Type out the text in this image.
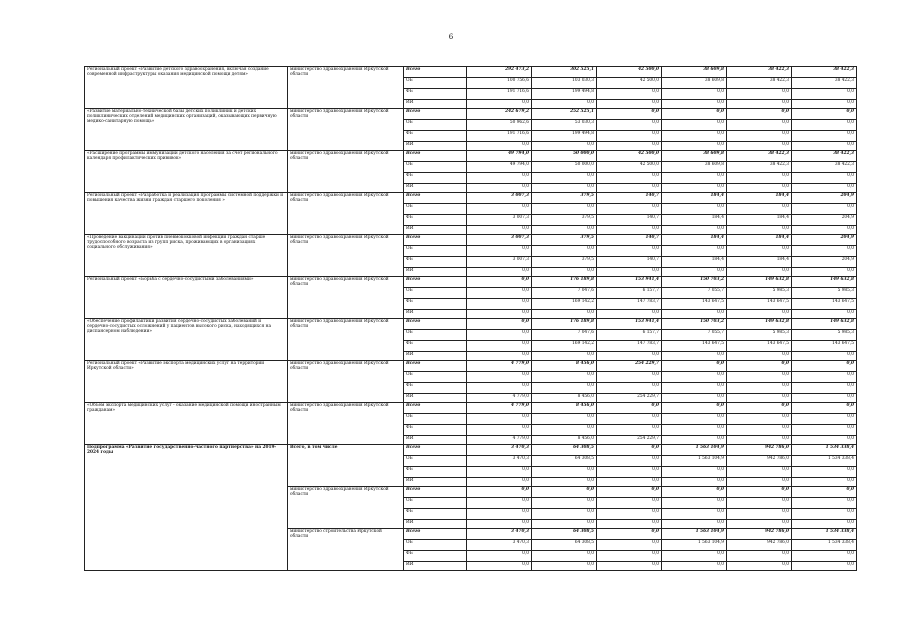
6
Региональный проект «Развитие детского здравоохранения, включая создание современной инфраструктуры оказания медицинской помощи детям»	министерство здравоохранения Иркутской области	Всего	292 473,2	302 525,1	42 500,0	38 609,8	38 422,3	38 422,3
		ОБ	100 756,6	103 030,3	42 500,0	38 609,8	38 422,3	38 422,3
		ФБ	191 716,6	199 494,8	0,0	0,0	0,0	0,0
		ИИ	0,0	0,0	0,0	0,0	0,0	0,0
«Развитие материально-технической базы детских поликлиник и детских поликлинических отделений медицинских организаций, оказывающих первичную медико-санитарную помощь»	министерство здравоохранения Иркутской области	Всего	242 679,2	252 525,1	0,0	0,0	0,0	0,0
		ОБ	50 962,6	53 030,3	0,0	0,0	0,0	0,0
		ФБ	191 716,6	199 494,8	0,0	0,0	0,0	0,0
		ИИ	0,0	0,0	0,0	0,0	0,0	0,0
«Расширение программы иммунизации детского населения за счет регионального календаря профилактических прививок»	министерство здравоохранения Иркутской области	Всего	49 794,0	50 000,0	42 500,0	38 609,8	38 422,3	38 422,3
		ОБ	49 794,0	50 000,0	42 500,0	38 609,8	38 422,3	38 422,3
		ФБ	0,0	0,0	0,0	0,0	0,0	0,0
		ИИ	0,0	0,0	0,0	0,0	0,0	0,0
Региональный проект «Разработка и реализация программы системной поддержки и повышения качества жизни граждан старшего поколения »	министерство здравоохранения Иркутской области	Всего	3 007,3	379,5	140,7	184,4	184,4	204,9
		ОБ	0,0	0,0	0,0	0,0	0,0	0,0
		ФБ	3 007,3	379,5	140,7	184,4	184,4	204,9
		ИИ	0,0	0,0	0,0	0,0	0,0	0,0
«Проведение вакцинации против пневмококковой инфекции граждан старше трудоспособного возраста из групп риска, проживающих в организациях социального обслуживания»	министерство здравоохранения Иркутской области	Всего	3 007,3	379,5	140,7	184,4	184,4	204,9
		ОБ	0,0	0,0	0,0	0,0	0,0	0,0
		ФБ	3 007,3	379,5	140,7	184,4	184,4	204,9
		ИИ	0,0	0,0	0,0	0,0	0,0	0,0
Региональный проект «Борьба с сердечно-сосудистыми заболеваниями»	министерство здравоохранения Иркутской области	Всего	0,0	176 189,8	153 941,4	150 703,2	149 632,8	149 632,8
		ОБ	0,0	7 047,6	6 157,7	7 055,7	5 985,3	5 985,3
		ФБ	0,0	169 142,2	147 783,7	143 647,5	143 647,5	143 647,5
		ИИ	0,0	0,0	0,0	0,0	0,0	0,0
«Обеспечение профилактики развития сердечно-сосудистых заболеваний и сердечно-сосудистых осложнений у пациентов высокого риска, находящихся на диспансерном наблюдении»	министерство здравоохранения Иркутской области	Всего	0,0	176 189,8	153 941,4	150 703,2	149 632,8	149 632,8
		ОБ	0,0	7 047,6	6 157,7	7 055,7	5 985,3	5 985,3
		ФБ	0,0	169 142,2	147 783,7	143 647,5	143 647,5	143 647,5
		ИИ	0,0	0,0	0,0	0,0	0,0	0,0
Региональный проект «Развитие экспорта медицинских услуг на территории Иркутской области»	министерство здравоохранения Иркутской области	Всего	4 779,0	8 456,0	254 229,7	0,0	0,0	0,0
		ОБ	0,0	0,0	0,0	0,0	0,0	0,0
		ФБ	0,0	0,0	0,0	0,0	0,0	0,0
		ИИ	4 779,0	8 456,0	254 229,7	0,0	0,0	0,0
«Объем экспорта медицинских услуг - оказание медицинской помощи иностранным гражданам»	министерство здравоохранения Иркутской области	Всего	4 779,0	8 456,0	0,0	0,0	0,0	0,0
		ОБ	0,0	0,0	0,0	0,0	0,0	0,0
		ФБ	0,0	0,0	0,0	0,0	0,0	0,0
		ИИ	4 779,0	8 456,0	254 229,7	0,0	0,0	0,0
Подпрограмма «Развитие государственно-частного партнерства» на 2019-2024 годы	Всего, в том числе	Всего	3 470,3	64 308,5	0,0	1 563 104,9	942 786,0	1 534 338,4
		ОБ	3 470,3	64 308,5	0,0	1 563 104,9	942 786,0	1 534 338,4
		ФБ	0,0	0,0	0,0	0,0	0,0	0,0
		ИИ	0,0	0,0	0,0	0,0	0,0	0,0
	министерство здравоохранения Иркутской области	Всего	0,0	0,0	0,0	0,0	0,0	0,0
		ОБ	0,0	0,0	0,0	0,0	0,0	0,0
		ФБ	0,0	0,0	0,0	0,0	0,0	0,0
		ИИ	0,0	0,0	0,0	0,0	0,0	0,0
	министерство строительства Иркутской области	Всего	3 470,3	64 308,5	0,0	1 563 104,9	942 786,0	1 534 338,4
		ОБ	3 470,3	64 308,5	0,0	1 563 104,9	942 786,0	1 534 338,4
		ФБ	0,0	0,0	0,0	0,0	0,0	0,0
		ИИ	0,0	0,0	0,0	0,0	0,0	0,0
